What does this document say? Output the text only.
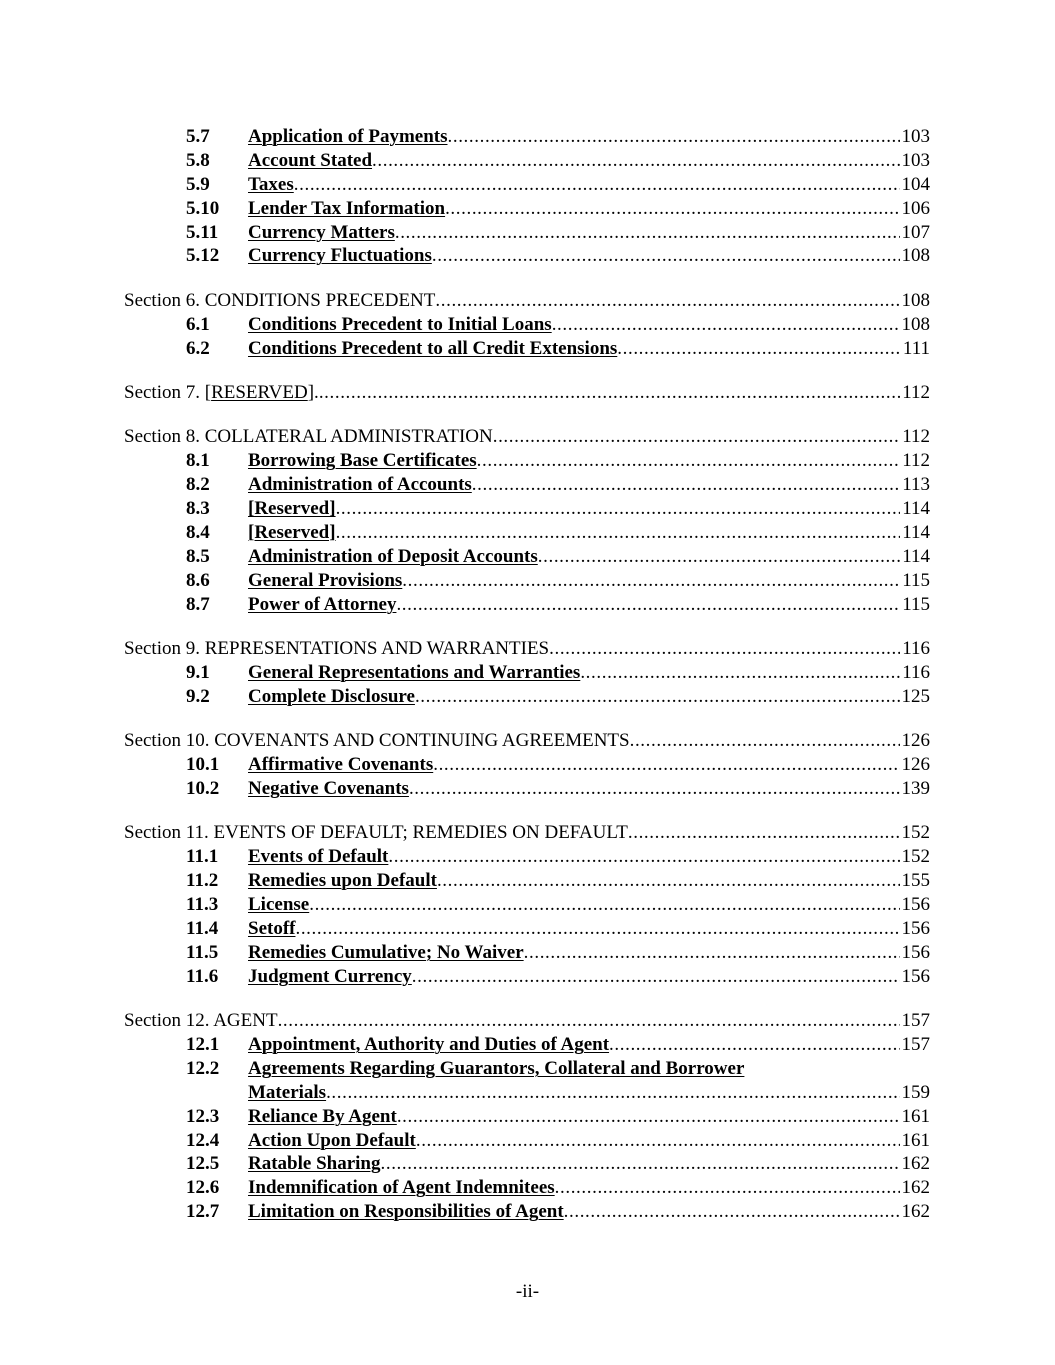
5.7 Application of Payments .....	103
5.8 Account Stated .....	103
5.9 Taxes .....	104
5.10 Lender Tax Information .....	106
5.11 Currency Matters .....	107
5.12 Currency Fluctuations .....	108
Section 6. CONDITIONS PRECEDENT .....	108
6.1 Conditions Precedent to Initial Loans .....	108
6.2 Conditions Precedent to all Credit Extensions .....	111
Section 7. [RESERVED]. .....	112
Section 8. COLLATERAL ADMINISTRATION .....	112
8.1 Borrowing Base Certificates .....	112
8.2 Administration of Accounts .....	113
8.3 [Reserved] .....	114
8.4 [Reserved] .....	114
8.5 Administration of Deposit Accounts .....	114
8.6 General Provisions .....	115
8.7 Power of Attorney .....	115
Section 9. REPRESENTATIONS AND WARRANTIES .....	116
9.1 General Representations and Warranties .....	116
9.2 Complete Disclosure .....	125
Section 10. COVENANTS AND CONTINUING AGREEMENTS .....	126
10.1 Affirmative Covenants .....	126
10.2 Negative Covenants .....	139
Section 11. EVENTS OF DEFAULT; REMEDIES ON DEFAULT .....	152
11.1 Events of Default .....	152
11.2 Remedies upon Default .....	155
11.3 License .....	156
11.4 Setoff .....	156
11.5 Remedies Cumulative; No Waiver .....	156
11.6 Judgment Currency .....	156
Section 12. AGENT .....	157
12.1 Appointment, Authority and Duties of Agent .....	157
12.2 Agreements Regarding Guarantors, Collateral and Borrower
Materials .....	159
12.3 Reliance By Agent .....	161
12.4 Action Upon Default .....	161
12.5 Ratable Sharing .....	162
12.6 Indemnification of Agent Indemnitees .....	162
12.7 Limitation on Responsibilities of Agent .....	162
-ii-
